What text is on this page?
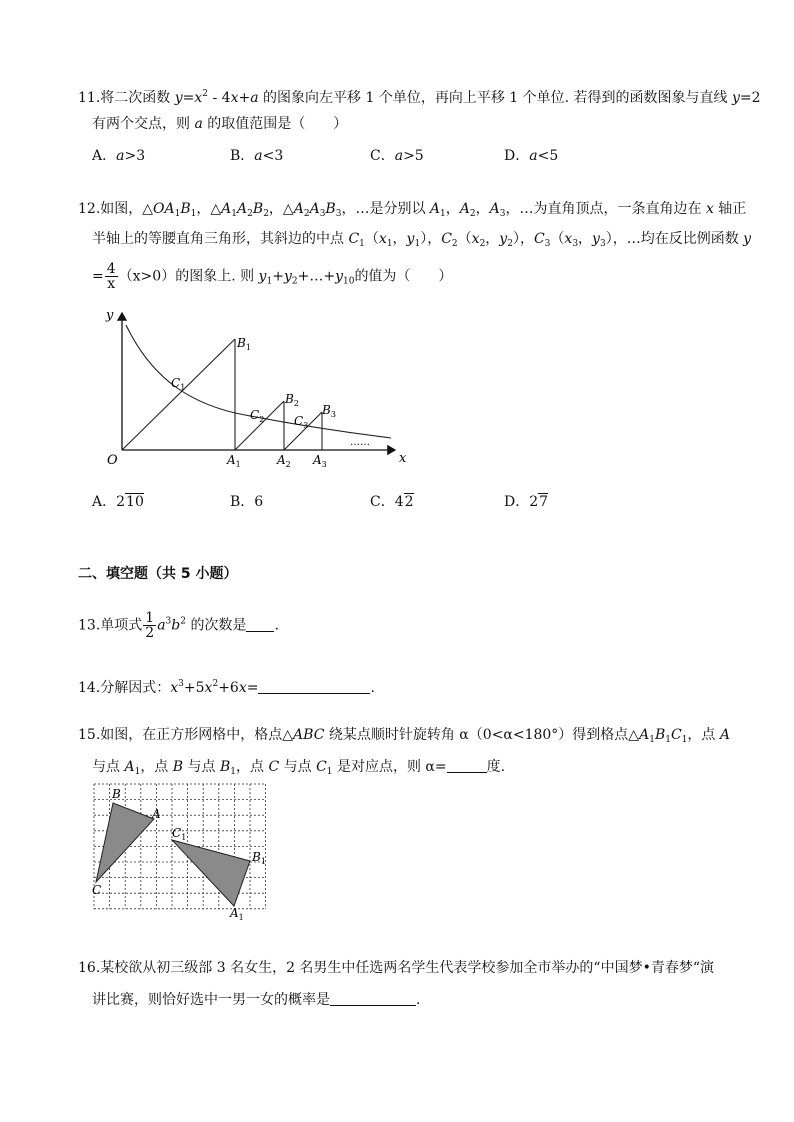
11.将二次函数 $y=x^2 - 4x+a$ 的图象向左平移 1 个单位，再向上平移 1 个单位. 若得到的函数图象与直线 y=2
有两个交点，则 a 的取值范围是（　　）
A．a>3	B．a<3	C．a>5	D．a<5
12.如图，$\triangle OA_1B_1$，$\triangle A_1A_2B_2$，$\triangle A_2A_3B_3$，…是分别以 $A_1$，$A_2$，$A_3$，…为直角顶点，一条直角边在 x 轴正
半轴上的等腰直角三角形，其斜边的中点 $C_1(x_1$，$y_1$），$C_2(x_2$，$y_2$），$C_3(x_3$，$y_3$），…均在反比例函数 y
= $\frac{4}{x} (x>0)$的图象上. 则 $y_1+y_2+\dots+y_{10}$的值为（　　）
y
x
O
$B_1$
$B_2$ $B_3$
$C_1$
$C_2$ $C_3$
$A_1$	$A_2$ $A_3$
……
A．210	B．6	C．42	D．27
二、填空题（共 5 小题）
13.单项式 $\frac{1}{2} a^3b^2$ 的次数是 .
14.分解因式：$x^3+5x^2+6x=$	.
15.如图，在正方形网格中，格点△ABC 绕某点顺时针旋转角 α（0<α<180°）得到格点$\triangle A_1B_1C_1$，点 A
与点 $A_1$，点 B 与点 $B_1$，点 C 与点 $C_1$ 是对应点，则 α=	度.
B
A
C
$C_1$
$B_1$
$A_1$
16.某校欲从初三级部 3 名女生，2 名男生中任选两名学生代表学校参加全市举办的“中国梦•青春梦“演
讲比赛，则恰好选中一男一女的概率是	.
